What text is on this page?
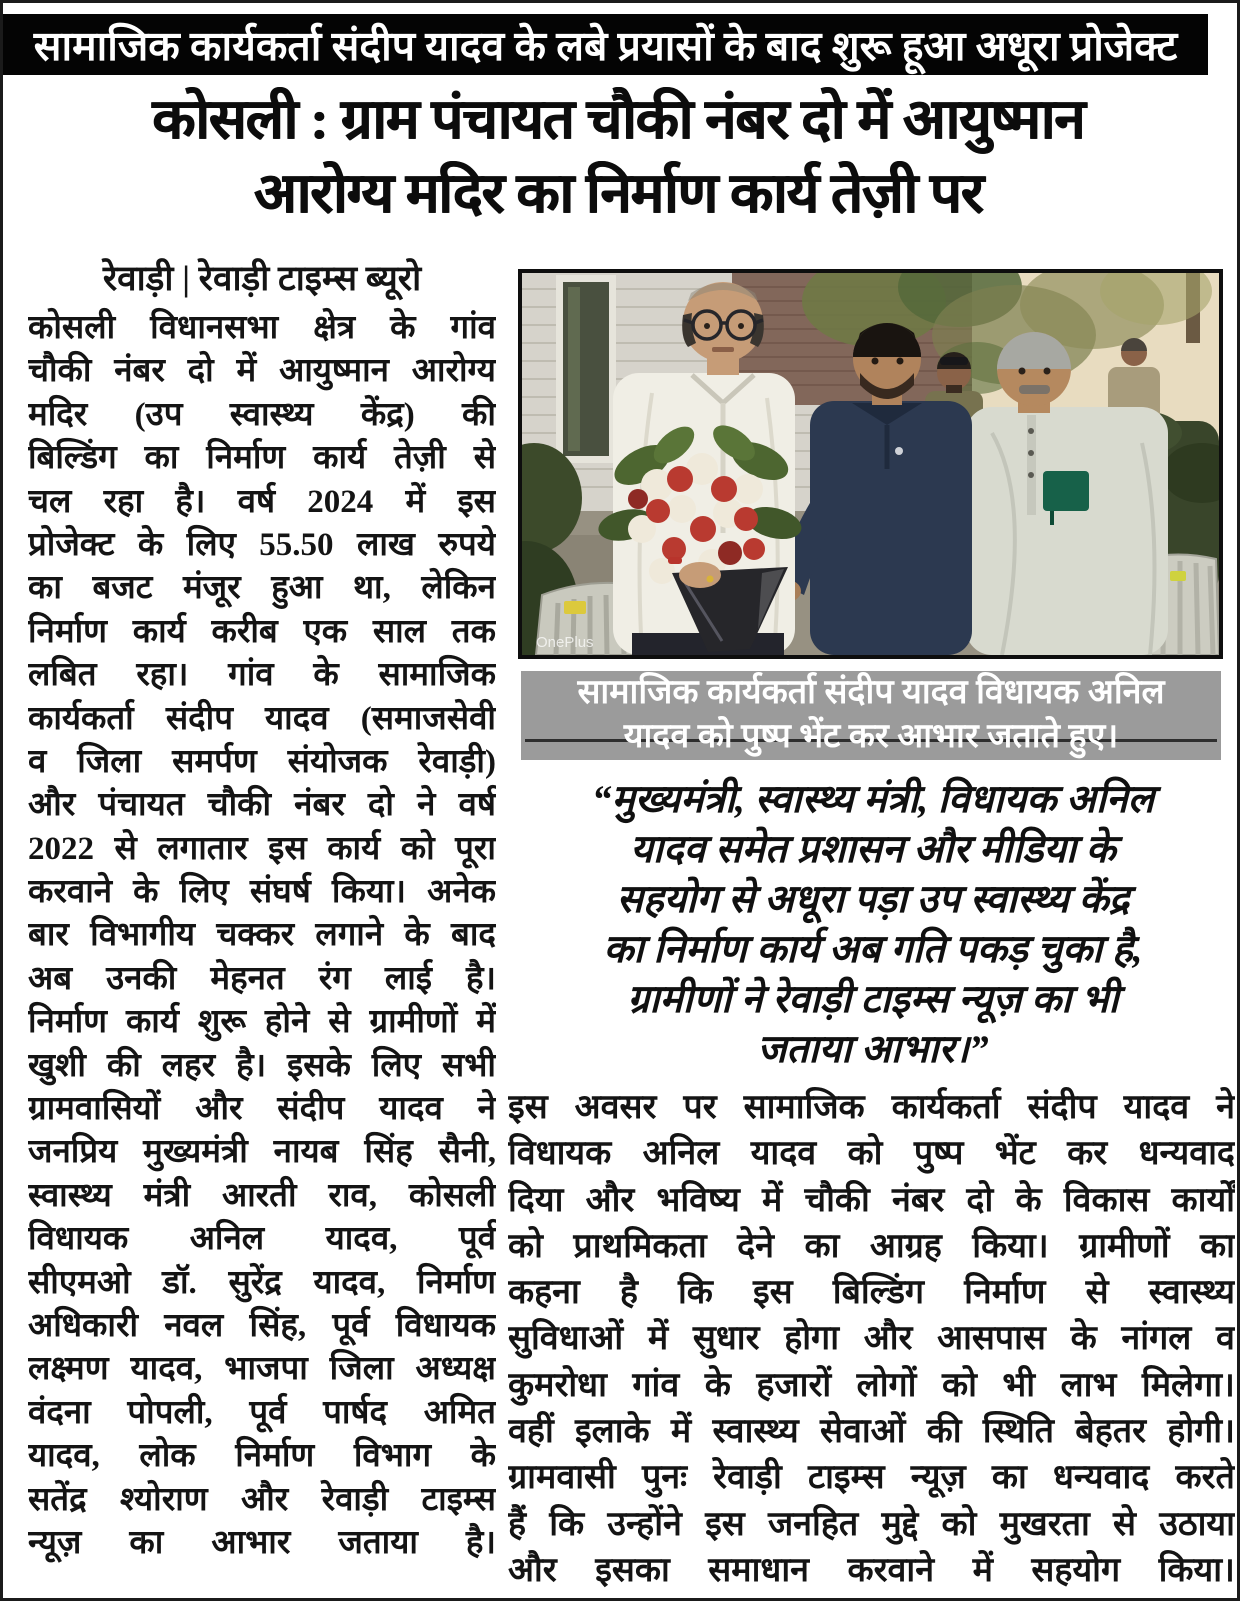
सामाजिक कार्यकर्ता संदीप यादव के लबे प्रयासों के बाद शुरू हूआ अधूरा प्रोजेक्ट
कोसली : ग्राम पंचायत चौकी नंबर दो में आयुष्मान
आरोग्य मदिर का निर्माण कार्य तेज़ी पर
रेवाड़ी | रेवाड़ी टाइम्स ब्यूरो
कोसली विधानसभा क्षेत्र के गांव
चौकी नंबर दो में आयुष्मान आरोग्य
मदिर (उप स्वास्थ्य केंद्र) की
बिल्डिंग का निर्माण कार्य तेज़ी से
चल रहा है। वर्ष 2024 में इस
प्रोजेक्ट के लिए 55.50 लाख रुपये
का बजट मंजूर हुआ था, लेकिन
निर्माण कार्य करीब एक साल तक
लबित रहा। गांव के सामाजिक
कार्यकर्ता संदीप यादव (समाजसेवी
व जिला समर्पण संयोजक रेवाड़ी)
और पंचायत चौकी नंबर दो ने वर्ष
2022 से लगातार इस कार्य को पूरा
करवाने के लिए संघर्ष किया। अनेक
बार विभागीय चक्कर लगाने के बाद
अब उनकी मेहनत रंग लाई है।
निर्माण कार्य शुरू होने से ग्रामीणों में
खुशी की लहर है। इसके लिए सभी
ग्रामवासियों और संदीप यादव ने
जनप्रिय मुख्यमंत्री नायब सिंह सैनी,
स्वास्थ्य मंत्री आरती राव, कोसली
विधायक अनिल यादव, पूर्व
सीएमओ डॉ. सुरेंद्र यादव, निर्माण
अधिकारी नवल सिंह, पूर्व विधायक
लक्ष्मण यादव, भाजपा जिला अध्यक्ष
वंदना पोपली, पूर्व पार्षद अमित
यादव, लोक निर्माण विभाग के
सतेंद्र श्योराण और रेवाड़ी टाइम्स
न्यूज़ का आभार जताया है।
OnePlus
सामाजिक कार्यकर्ता संदीप यादव विधायक अनिल
यादव को पुष्प भेंट कर आभार जताते हुए।
“मुख्यमंत्री, स्वास्थ्य मंत्री, विधायक अनिल
यादव समेत प्रशासन और मीडिया के
सहयोग से अधूरा पड़ा उप स्वास्थ्य केंद्र
का निर्माण कार्य अब गति पकड़ चुका है,
ग्रामीणों ने रेवाड़ी टाइम्स न्यूज़ का भी
जताया आभार।”
इस अवसर पर सामाजिक कार्यकर्ता संदीप यादव ने
विधायक अनिल यादव को पुष्प भेंट कर धन्यवाद
दिया और भविष्य में चौकी नंबर दो के विकास कार्यों
को प्राथमिकता देने का आग्रह किया। ग्रामीणों का
कहना है कि इस बिल्डिंग निर्माण से स्वास्थ्य
सुविधाओं में सुधार होगा और आसपास के नांगल व
कुमरोधा गांव के हजारों लोगों को भी लाभ मिलेगा।
वहीं इलाके में स्वास्थ्य सेवाओं की स्थिति बेहतर होगी।
ग्रामवासी पुनः रेवाड़ी टाइम्स न्यूज़ का धन्यवाद करते
हैं कि उन्होंने इस जनहित मुद्दे को मुखरता से उठाया
और इसका समाधान करवाने में सहयोग किया।
